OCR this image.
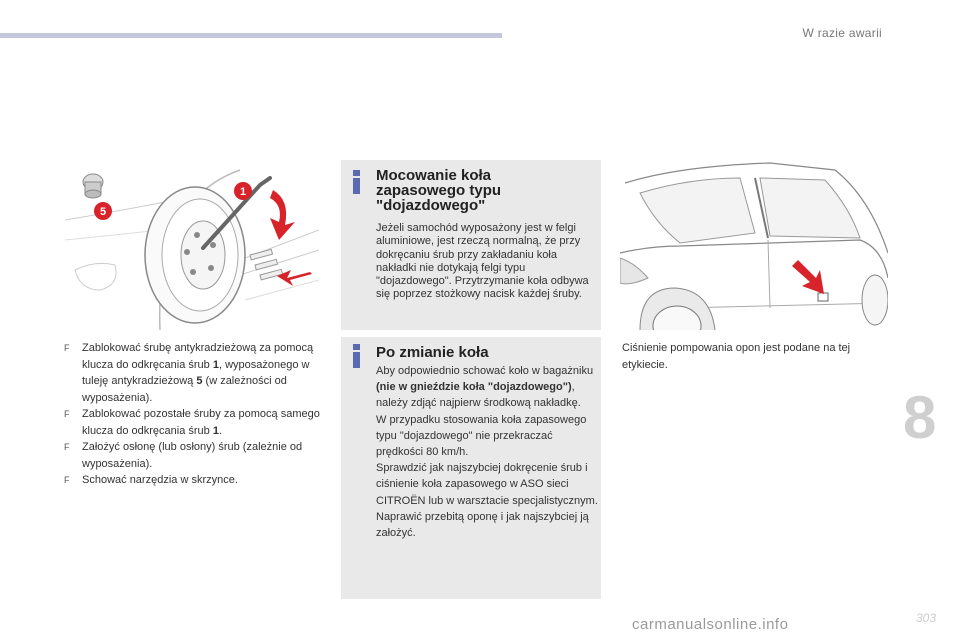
W razie awarii
1
5

F Zablokować śrubę antykradzieżową za pomocą klucza do odkręcania śrub 1, wyposażonego w tuleję antykradzieżową 5 (w zależności od wyposażenia).

F Zablokować pozostałe śruby za pomocą samego klucza do odkręcania śrub 1.

F Założyć osłonę (lub osłony) śrub (zależnie od wyposażenia).

F Schować narzędzia w skrzynce.

Mocowanie koła
zapasowego typu
"dojazdowego"
Jeżeli samochód wyposażony jest w felgi aluminiowe, jest rzeczą normalną, że przy dokręcaniu śrub przy zakładaniu koła nakładki nie dotykają felgi typu "dojazdowego". Przytrzymanie koła odbywa się poprzez stożkowy nacisk każdej śruby.
Po zmianie koła
Aby odpowiednio schować koło w bagażniku (nie w gnieździe koła "dojazdowego"), należy zdjąć najpierw środkową nakładkę.
W przypadku stosowania koła zapasowego typu "dojazdowego" nie przekraczać prędkości 80 km/h.
Sprawdzić jak najszybciej dokręcenie śrub i ciśnienie koła zapasowego w ASO sieci CITROËN lub w warsztacie specjalistycznym.
Naprawić przebitą oponę i jak najszybciej ją założyć.
Ciśnienie pompowania opon jest podane na tej etykiecie.
8
carmanualsonline.info	303
